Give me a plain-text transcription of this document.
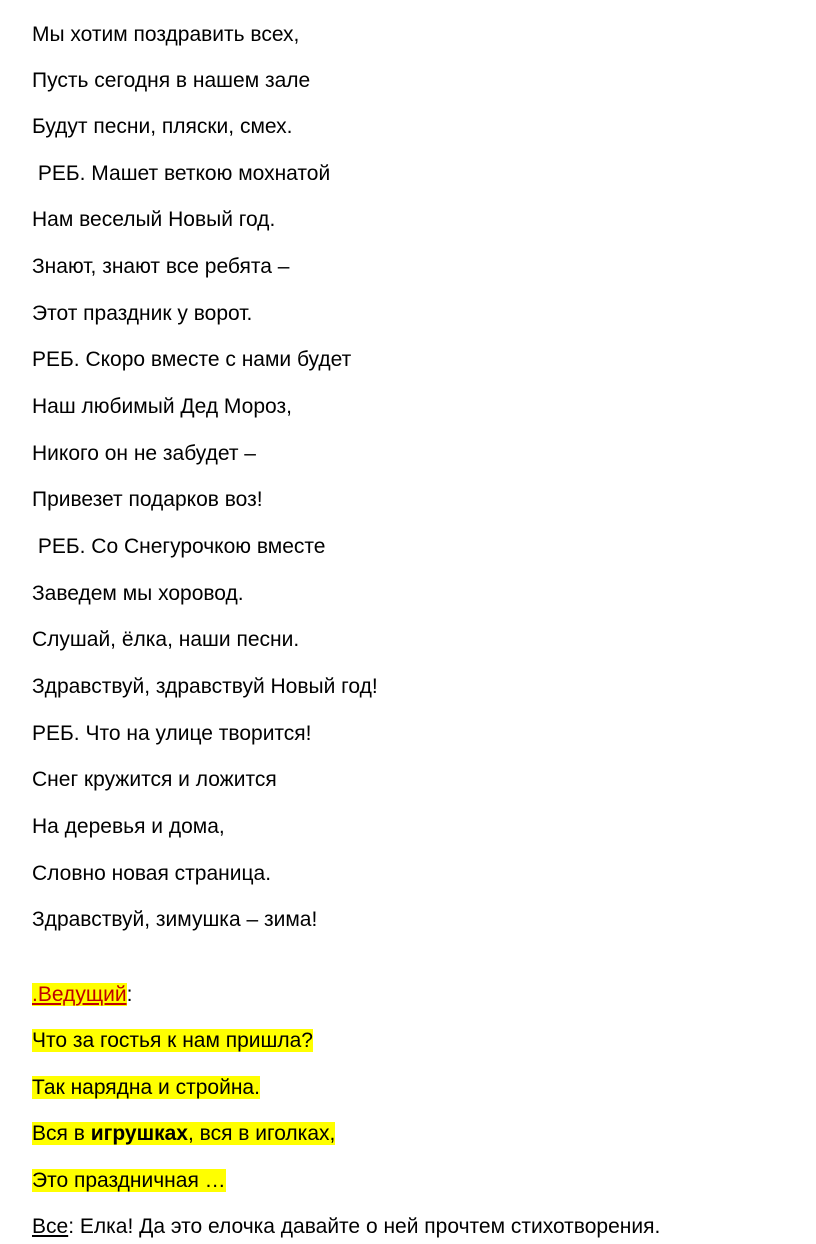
Мы хотим поздравить всех,
Пусть сегодня в нашем зале
Будут песни, пляски, смех.
РЕБ. Машет веткою мохнатой
Нам веселый Новый год.
Знают, знают все ребята –
Этот праздник у ворот.
РЕБ. Скоро вместе с нами будет
Наш любимый Дед Мороз,
Никого он не забудет –
Привезет подарков воз!
РЕБ. Со Снегурочкою вместе
Заведем мы хоровод.
Слушай, ёлка, наши песни.
Здравствуй, здравствуй Новый год!
РЕБ. Что на улице творится!
Снег кружится и ложится
На деревья и дома,
Словно новая страница.
Здравствуй, зимушка – зима!
.Ведущий:
Что за гостья к нам пришла?
Так нарядна и стройна.
Вся в игрушках, вся в иголках,
Это праздничная …
Все: Елка! Да это елочка давайте о ней прочтем стихотворения.
